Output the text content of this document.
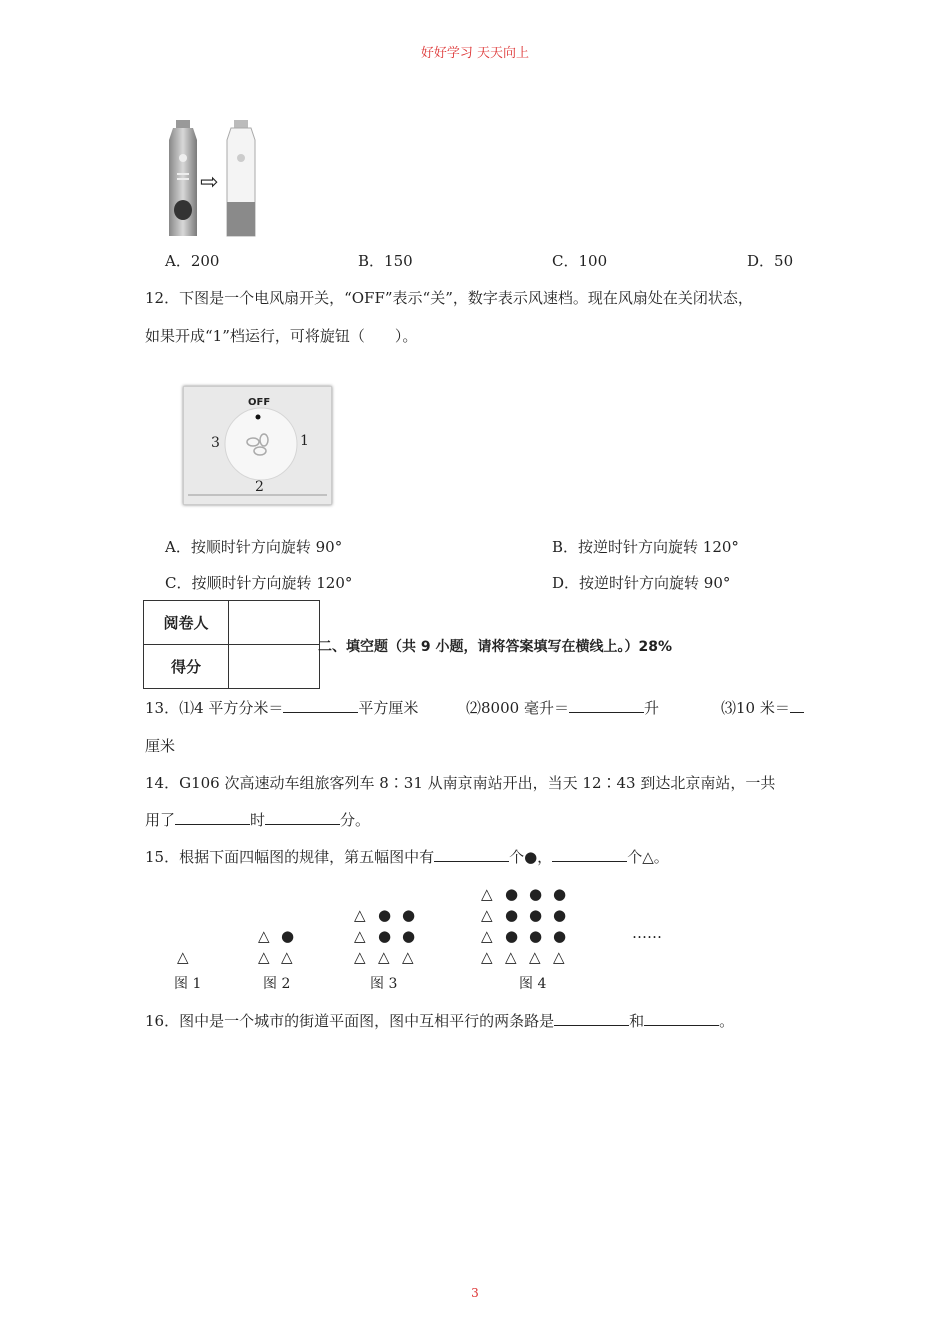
好好学习 天天向上
⇨
A．200	B．150	C．100	D．50
12．下图是一个电风扇开关，“OFF”表示“关”，数字表示风速档。现在风扇处在关闭状态，
如果开成“1”档运行，可将旋钮（　　）。
OFF
1
2
3
A．按顺时针方向旋转 90°	B．按逆时针方向旋转 120°
C．按顺时针方向旋转 120°	D．按逆时针方向旋转 90°
阅卷人	
得分	
二、填空题（共 9 小题，请将答案填写在横线上。）28%
13．⑴4 平方分米＝	平方厘米	⑵8000 毫升＝	升	⑶10 米＝
厘米
14．G106 次高速动车组旅客列车 8∶31 从南京南站开出，当天 12∶43 到达北京南站，一共
用了	时	分。
15．根据下面四幅图的规律，第五幅图中有	个●，	个△。
△
图 1
△ ●
△ △
图 2
△ ● ●
△ ● ●
△ △ △
图 3
△ ● ● ●
△ ● ● ●
△ ● ● ●
△ △ △ △
图 4
……
16．图中是一个城市的街道平面图，图中互相平行的两条路是	和	。
3
